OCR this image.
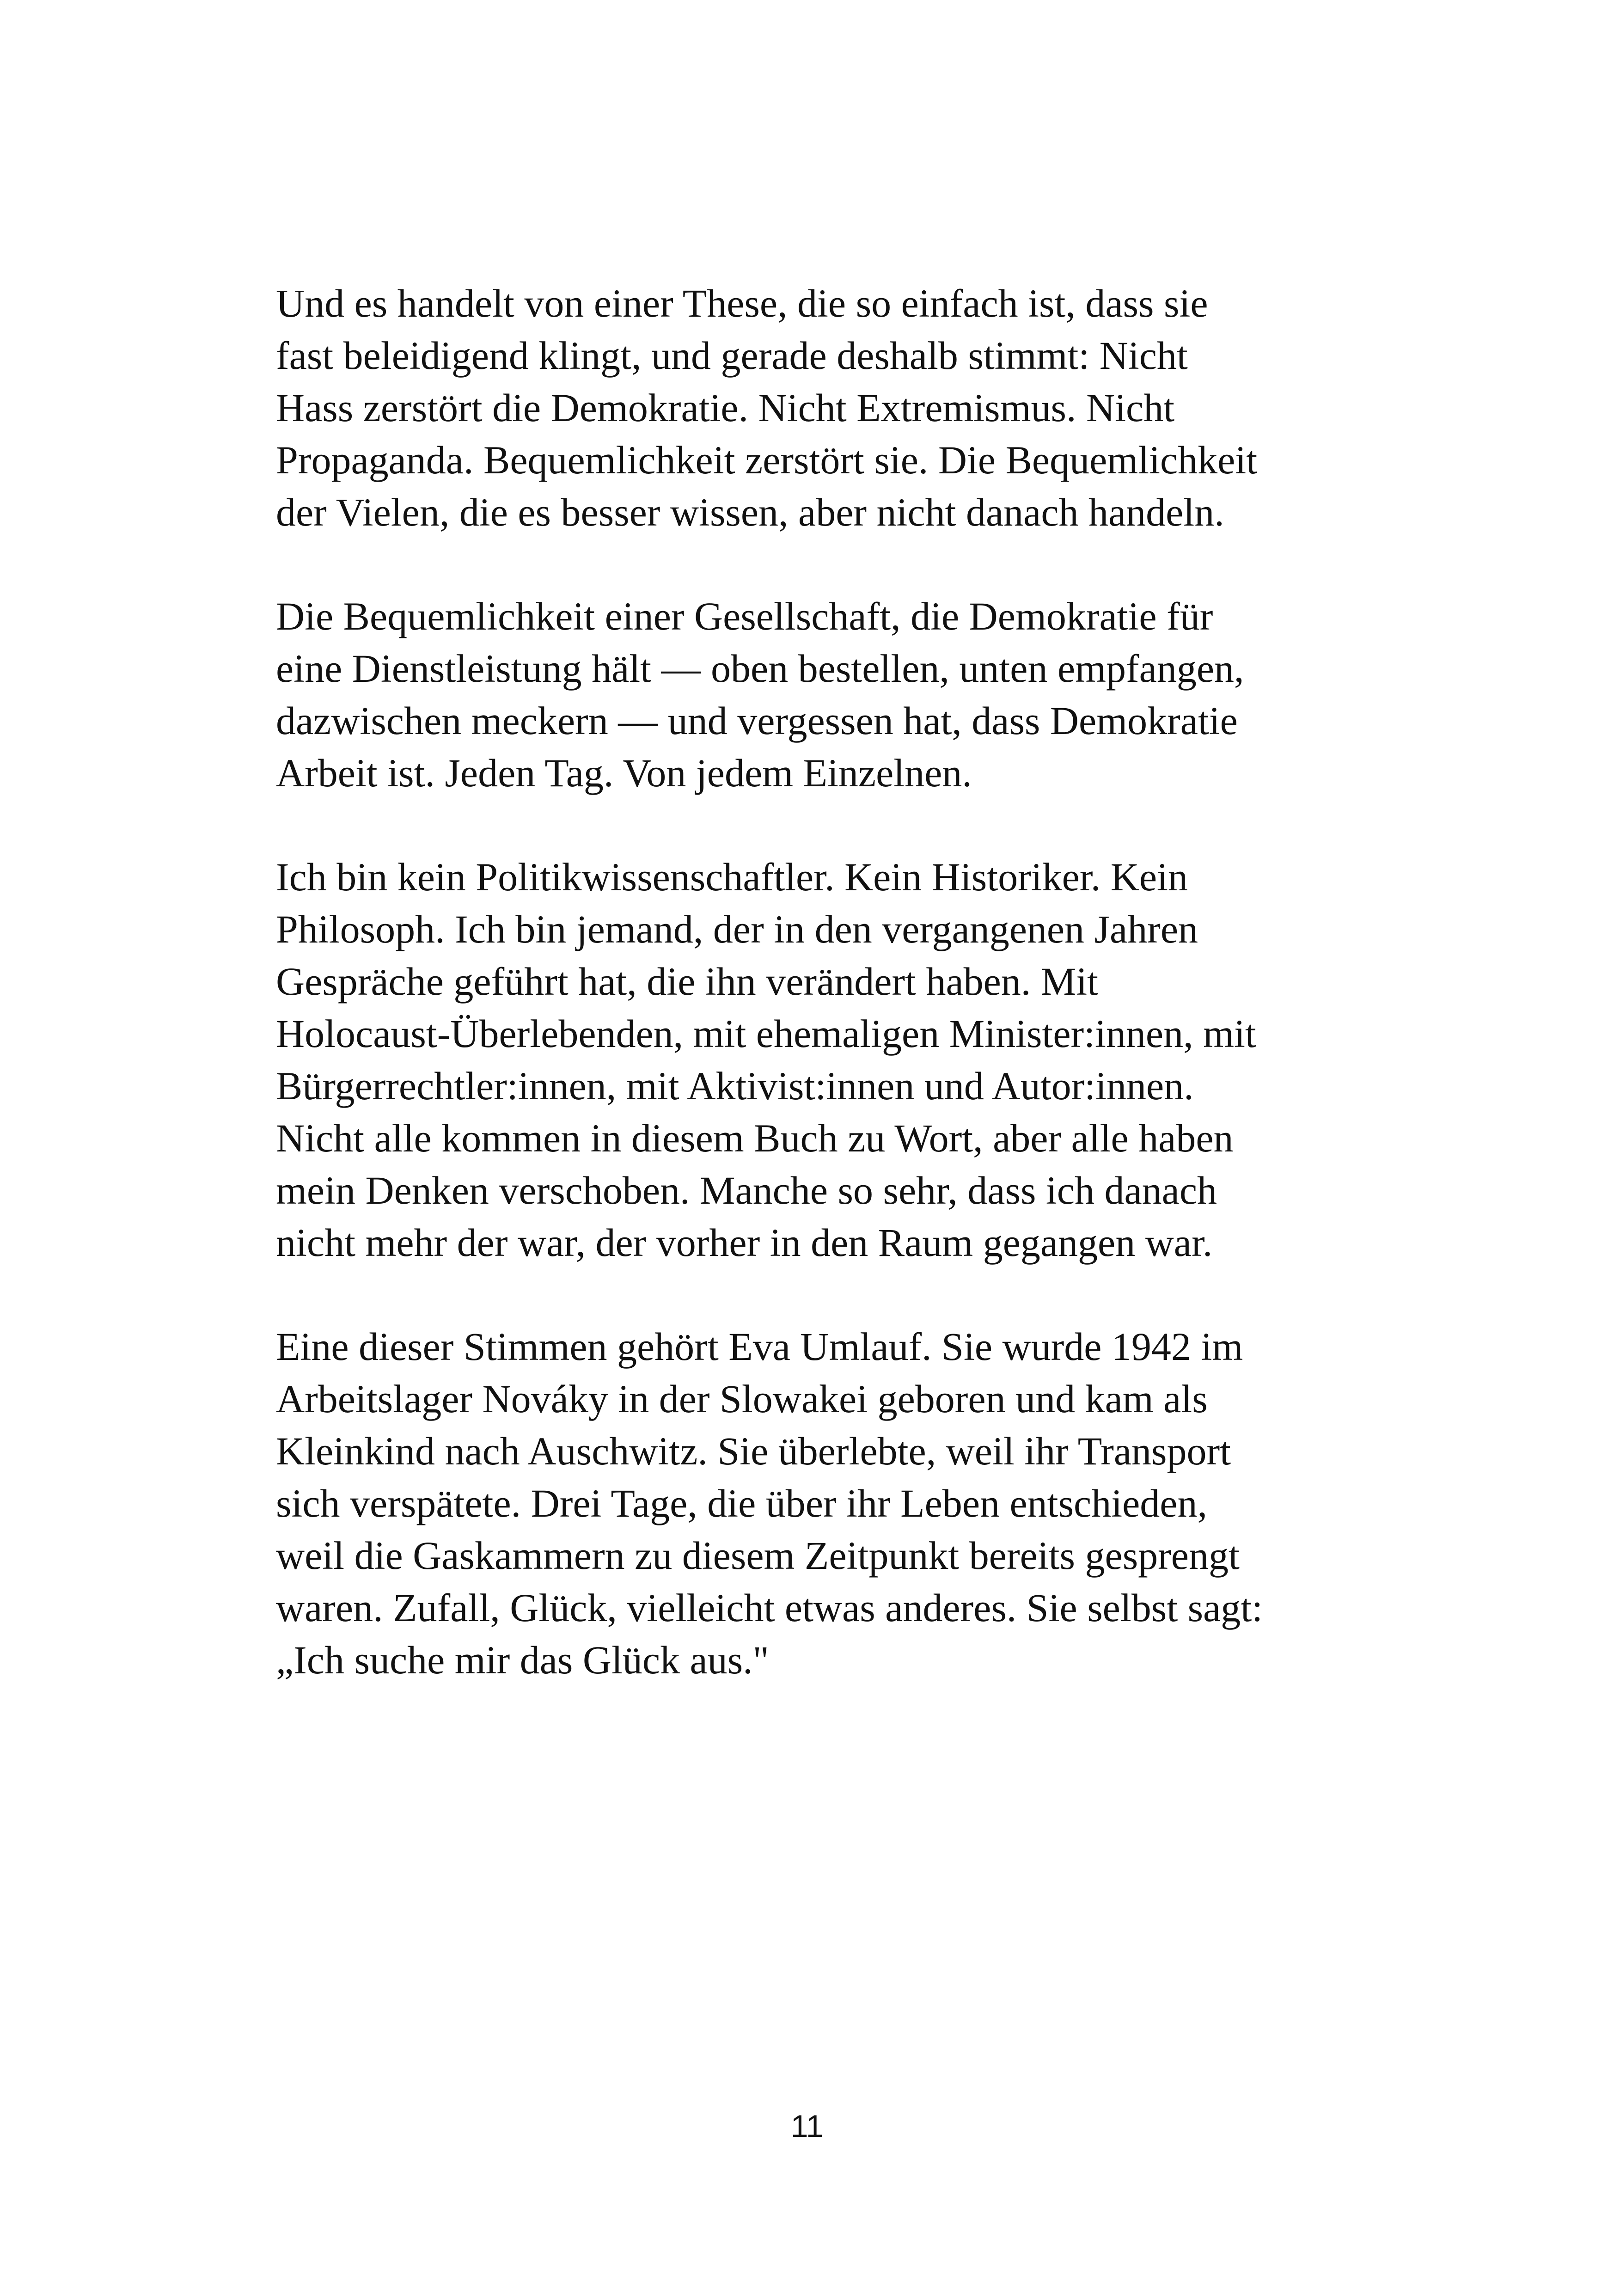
Und es handelt von einer These, die so einfach ist, dass sie
fast beleidigend klingt, und gerade deshalb stimmt: Nicht
Hass zerstört die Demokratie. Nicht Extremismus. Nicht
Propaganda. Bequemlichkeit zerstört sie. Die Bequemlichkeit
der Vielen, die es besser wissen, aber nicht danach handeln.

Die Bequemlichkeit einer Gesellschaft, die Demokratie für
eine Dienstleistung hält — oben bestellen, unten empfangen,
dazwischen meckern — und vergessen hat, dass Demokratie
Arbeit ist. Jeden Tag. Von jedem Einzelnen.

Ich bin kein Politikwissenschaftler. Kein Historiker. Kein
Philosoph. Ich bin jemand, der in den vergangenen Jahren
Gespräche geführt hat, die ihn verändert haben. Mit
Holocaust-Überlebenden, mit ehemaligen Minister:innen, mit
Bürgerrechtler:innen, mit Aktivist:innen und Autor:innen.
Nicht alle kommen in diesem Buch zu Wort, aber alle haben
mein Denken verschoben. Manche so sehr, dass ich danach
nicht mehr der war, der vorher in den Raum gegangen war.

Eine dieser Stimmen gehört Eva Umlauf. Sie wurde 1942 im
Arbeitslager Nováky in der Slowakei geboren und kam als
Kleinkind nach Auschwitz. Sie überlebte, weil ihr Transport
sich verspätete. Drei Tage, die über ihr Leben entschieden,
weil die Gaskammern zu diesem Zeitpunkt bereits gesprengt
waren. Zufall, Glück, vielleicht etwas anderes. Sie selbst sagt:
„Ich suche mir das Glück aus."

11
